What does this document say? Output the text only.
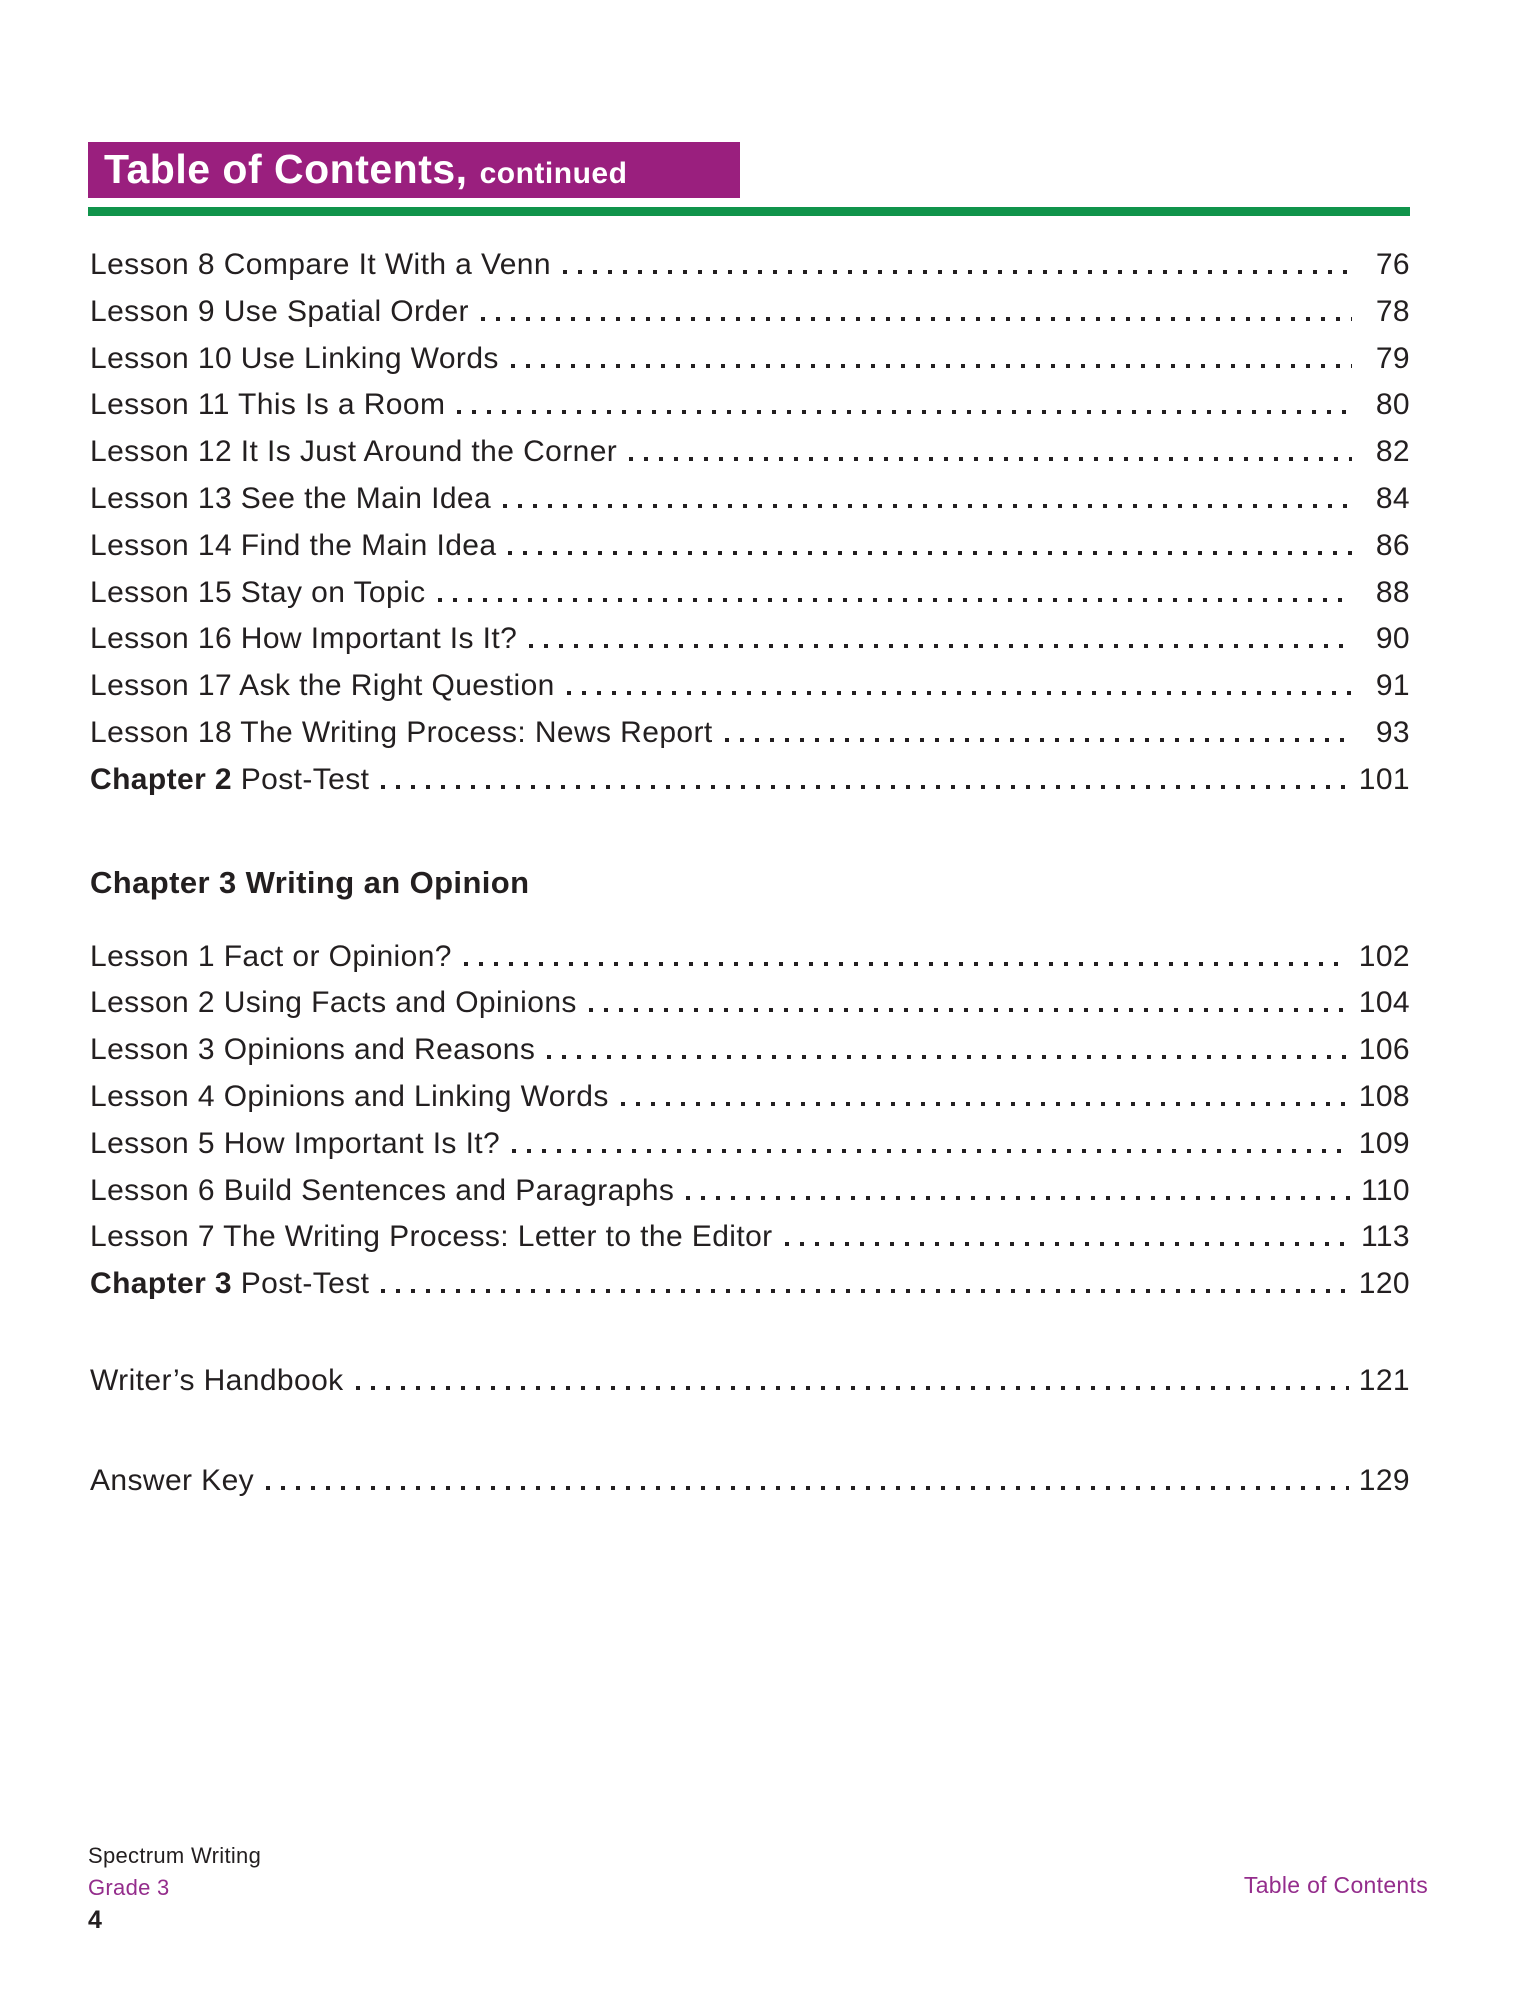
Table of Contents, continued
Lesson 8 Compare It With a Venn	76
Lesson 9 Use Spatial Order	78
Lesson 10 Use Linking Words	79
Lesson 11 This Is a Room	80
Lesson 12 It Is Just Around the Corner	82
Lesson 13 See the Main Idea	84
Lesson 14 Find the Main Idea	86
Lesson 15 Stay on Topic	88
Lesson 16 How Important Is It?	90
Lesson 17 Ask the Right Question	91
Lesson 18 The Writing Process: News Report	93
Chapter 2 Post-Test	101
Chapter 3 Writing an Opinion
Lesson 1 Fact or Opinion?	102
Lesson 2 Using Facts and Opinions	104
Lesson 3 Opinions and Reasons	106
Lesson 4 Opinions and Linking Words	108
Lesson 5 How Important Is It?	109
Lesson 6 Build Sentences and Paragraphs	110
Lesson 7 The Writing Process: Letter to the Editor	113
Chapter 3 Post-Test	120
Writer’s Handbook	121
Answer Key	129
Spectrum Writing
Grade 3
4
Table of Contents
